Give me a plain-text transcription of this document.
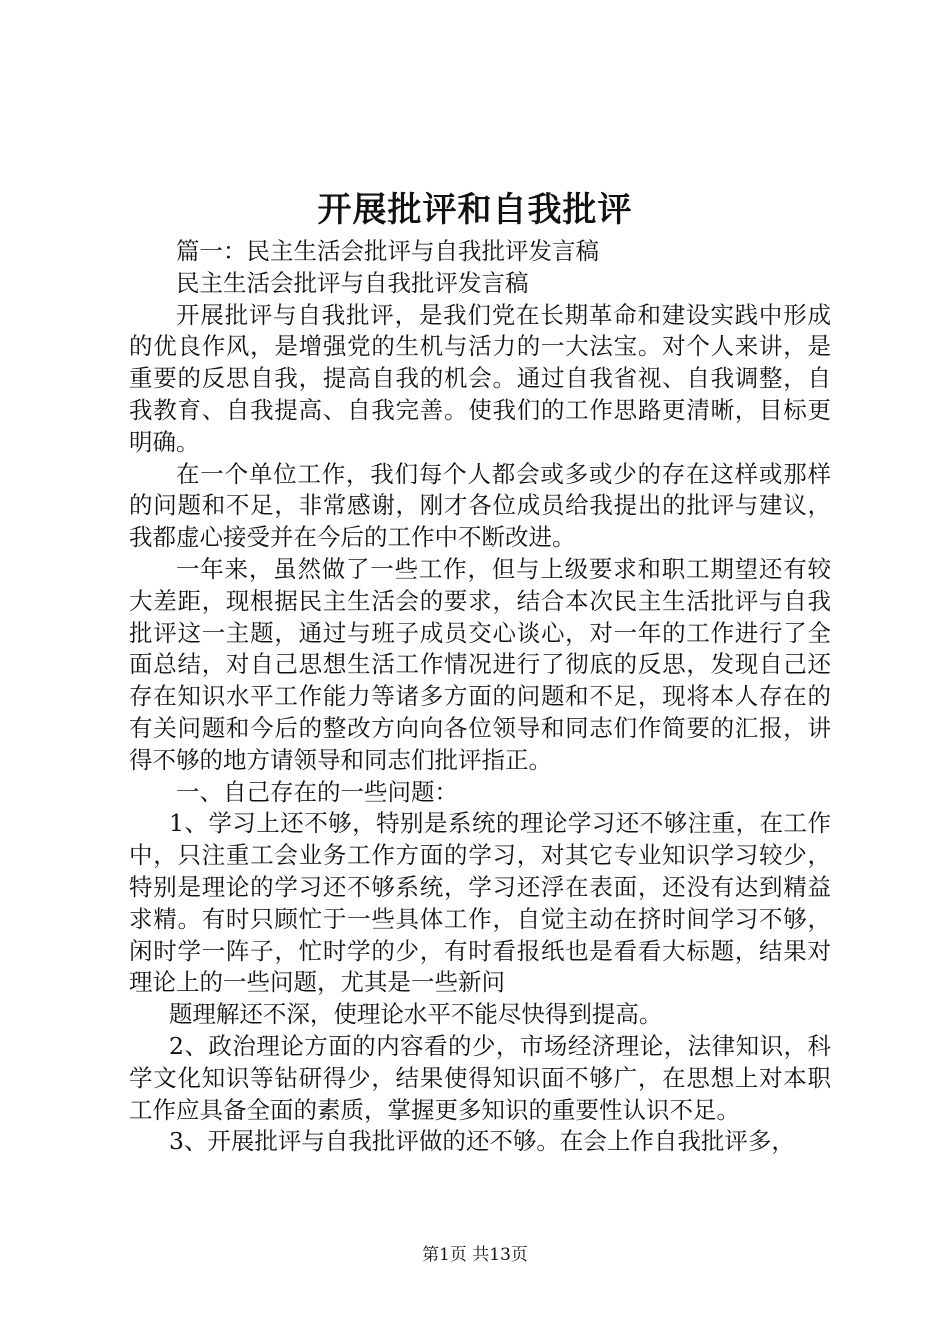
开展批评和自我批评

篇一：民主生活会批评与自我批评发言稿

民主生活会批评与自我批评发言稿

开展批评与自我批评，是我们党在长期革命和建设实践中形成的优良作风，是增强党的生机与活力的一大法宝。对个人来讲，是重要的反思自我，提高自我的机会。通过自我省视、自我调整，自我教育、自我提高、自我完善。使我们的工作思路更清晰，目标更明确。

在一个单位工作，我们每个人都会或多或少的存在这样或那样的问题和不足，非常感谢，刚才各位成员给我提出的批评与建议，我都虚心接受并在今后的工作中不断改进。

一年来，虽然做了一些工作，但与上级要求和职工期望还有较大差距，现根据民主生活会的要求，结合本次民主生活批评与自我批评这一主题，通过与班子成员交心谈心，对一年的工作进行了全面总结，对自己思想生活工作情况进行了彻底的反思，发现自己还存在知识水平工作能力等诸多方面的问题和不足，现将本人存在的有关问题和今后的整改方向向各位领导和同志们作简要的汇报，讲得不够的地方请领导和同志们批评指正。

一、自己存在的一些问题：

1、学习上还不够，特别是系统的理论学习还不够注重，在工作中，只注重工会业务工作方面的学习，对其它专业知识学习较少，特别是理论的学习还不够系统，学习还浮在表面，还没有达到精益求精。有时只顾忙于一些具体工作，自觉主动在挤时间学习不够，闲时学一阵子，忙时学的少，有时看报纸也是看看大标题，结果对理论上的一些问题，尤其是一些新问

题理解还不深，使理论水平不能尽快得到提高。

2、政治理论方面的内容看的少，市场经济理论，法律知识，科学文化知识等钻研得少，结果使得知识面不够广，在思想上对本职工作应具备全面的素质，掌握更多知识的重要性认识不足。

3、开展批评与自我批评做的还不够。在会上作自我批评多，

第1页 共13页
